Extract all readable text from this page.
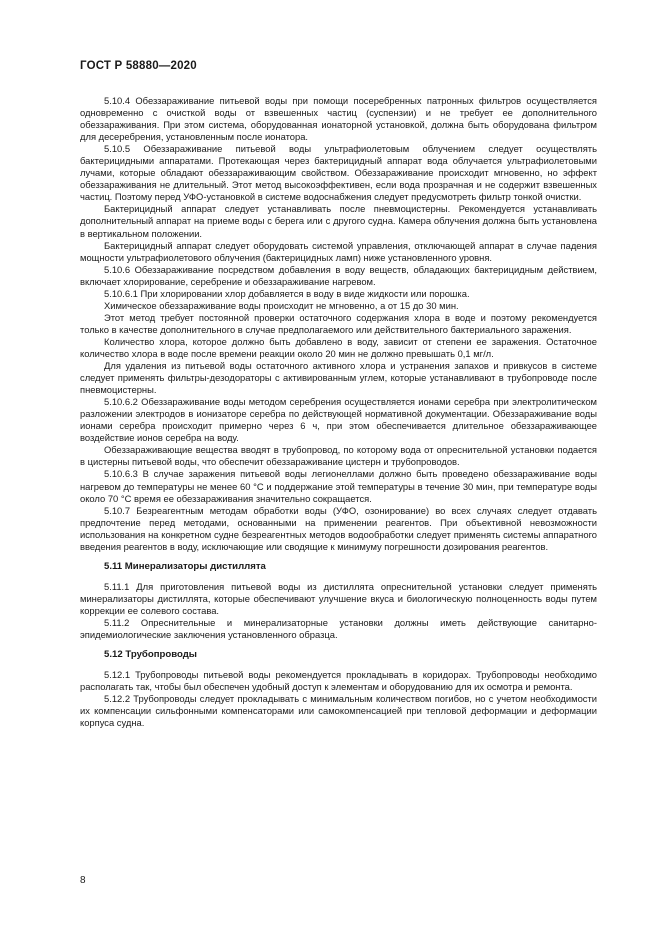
ГОСТ Р 58880—2020

5.10.4 Обеззараживание питьевой воды при помощи посеребренных патронных фильтров осуществляется одновременно с очисткой воды от взвешенных частиц (суспензии) и не требует ее дополнительного обеззараживания. При этом система, оборудованная ионаторной установкой, должна быть оборудована фильтром для десеребрения, установленным после ионатора.

5.10.5 Обеззараживание питьевой воды ультрафиолетовым облучением следует осуществлять бактерицидными аппаратами. Протекающая через бактерицидный аппарат вода облучается ультрафиолетовыми лучами, которые обладают обеззараживающим свойством. Обеззараживание происходит мгновенно, но эффект обеззараживания не длительный. Этот метод высокоэффективен, если вода прозрачная и не содержит взвешенных частиц. Поэтому перед УФО-установкой в системе водоснабжения следует предусмотреть фильтр тонкой очистки.

Бактерицидный аппарат следует устанавливать после пневмоцистерны. Рекомендуется устанавливать дополнительный аппарат на приеме воды с берега или с другого судна. Камера облучения должна быть установлена в вертикальном положении.

Бактерицидный аппарат следует оборудовать системой управления, отключающей аппарат в случае падения мощности ультрафиолетового облучения (бактерицидных ламп) ниже установленного уровня.

5.10.6 Обеззараживание посредством добавления в воду веществ, обладающих бактерицидным действием, включает хлорирование, серебрение и обеззараживание нагревом.

5.10.6.1 При хлорировании хлор добавляется в воду в виде жидкости или порошка.

Химическое обеззараживание воды происходит не мгновенно, а от 15 до 30 мин.

Этот метод требует постоянной проверки остаточного содержания хлора в воде и поэтому рекомендуется только в качестве дополнительного в случае предполагаемого или действительного бактериального заражения.

Количество хлора, которое должно быть добавлено в воду, зависит от степени ее заражения. Остаточное количество хлора в воде после времени реакции около 20 мин не должно превышать 0,1 мг/л.

Для удаления из питьевой воды остаточного активного хлора и устранения запахов и привкусов в системе следует применять фильтры-дезодораторы с активированным углем, которые устанавливают в трубопроводе после пневмоцистерны.

5.10.6.2 Обеззараживание воды методом серебрения осуществляется ионами серебра при электролитическом разложении электродов в ионизаторе серебра по действующей нормативной документации. Обеззараживание воды ионами серебра происходит примерно через 6 ч, при этом обеспечивается длительное обеззараживающее воздействие ионов серебра на воду.

Обеззараживающие вещества вводят в трубопровод, по которому вода от опреснительной установки подается в цистерны питьевой воды, что обеспечит обеззараживание цистерн и трубопроводов.

5.10.6.3 В случае заражения питьевой воды легионеллами должно быть проведено обеззараживание воды нагревом до температуры не менее 60 °С и поддержание этой температуры в течение 30 мин, при температуре воды около 70 °С время ее обеззараживания значительно сокращается.

5.10.7 Безреагентным методам обработки воды (УФО, озонирование) во всех случаях следует отдавать предпочтение перед методами, основанными на применении реагентов. При объективной невозможности использования на конкретном судне безреагентных методов водообработки следует применять системы аппаратного введения реагентов в воду, исключающие или сводящие к минимуму погрешности дозирования реагентов.

5.11 Минерализаторы дистиллята

5.11.1 Для приготовления питьевой воды из дистиллята опреснительной установки следует применять минерализаторы дистиллята, которые обеспечивают улучшение вкуса и биологическую полноценность воды путем коррекции ее солевого состава.

5.11.2 Опреснительные и минерализаторные установки должны иметь действующие санитарно-эпидемиологические заключения установленного образца.

5.12 Трубопроводы

5.12.1 Трубопроводы питьевой воды рекомендуется прокладывать в коридорах. Трубопроводы необходимо располагать так, чтобы был обеспечен удобный доступ к элементам и оборудованию для их осмотра и ремонта.

5.12.2 Трубопроводы следует прокладывать с минимальным количеством погибов, но с учетом необходимости их компенсации сильфонными компенсаторами или самокомпенсацией при тепловой деформации и деформации корпуса судна.

8
